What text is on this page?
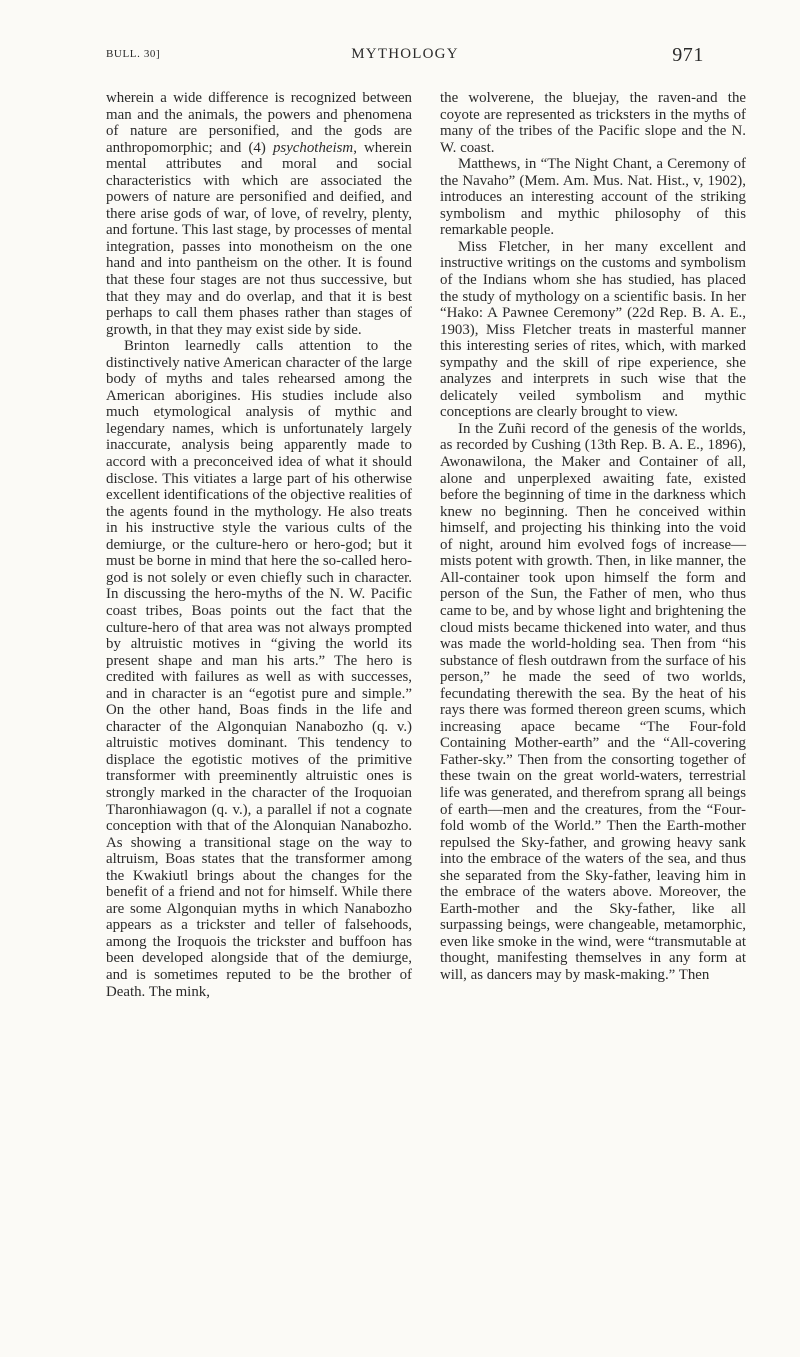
BULL. 30]	MYTHOLOGY	971

wherein a wide difference is recognized between man and the animals, the powers and phenomena of nature are personified, and the gods are anthropomorphic; and (4) psychotheism, wherein mental attributes and moral and social characteristics with which are associated the powers of nature are personified and deified, and there arise gods of war, of love, of revelry, plenty, and fortune. This last stage, by processes of mental integration, passes into monotheism on the one hand and into pantheism on the other. It is found that these four stages are not thus successive, but that they may and do overlap, and that it is best perhaps to call them phases rather than stages of growth, in that they may exist side by side.

Brinton learnedly calls attention to the distinctively native American character of the large body of myths and tales rehearsed among the American aborigines. His studies include also much etymological analysis of mythic and legendary names, which is unfortunately largely inaccurate, analysis being apparently made to accord with a preconceived idea of what it should disclose. This vitiates a large part of his otherwise excellent identifications of the objective realities of the agents found in the mythology. He also treats in his instructive style the various cults of the demiurge, or the culture-hero or hero-god; but it must be borne in mind that here the so-called hero-god is not solely or even chiefly such in character. In discussing the hero-myths of the N. W. Pacific coast tribes, Boas points out the fact that the culture-hero of that area was not always prompted by altruistic motives in “giving the world its present shape and man his arts.” The hero is credited with failures as well as with successes, and in character is an “egotist pure and simple.” On the other hand, Boas finds in the life and character of the Algonquian Nanabozho (q. v.) altruistic motives dominant. This tendency to displace the egotistic motives of the primitive transformer with preeminently altruistic ones is strongly marked in the character of the Iroquoian Tharonhiawagon (q. v.), a parallel if not a cognate conception with that of the Alonquian Nanabozho. As showing a transitional stage on the way to altruism, Boas states that the transformer among the Kwakiutl brings about the changes for the benefit of a friend and not for himself. While there are some Algonquian myths in which Nanabozho appears as a trickster and teller of falsehoods, among the Iroquois the trickster and buffoon has been developed alongside that of the demiurge, and is sometimes reputed to be the brother of Death. The mink,

the wolverene, the bluejay, the raven-and the coyote are represented as tricksters in the myths of many of the tribes of the Pacific slope and the N. W. coast.

Matthews, in “The Night Chant, a Ceremony of the Navaho” (Mem. Am. Mus. Nat. Hist., v, 1902), introduces an interesting account of the striking symbolism and mythic philosophy of this remarkable people.

Miss Fletcher, in her many excellent and instructive writings on the customs and symbolism of the Indians whom she has studied, has placed the study of mythology on a scientific basis. In her “Hako: A Pawnee Ceremony” (22d Rep. B. A. E., 1903), Miss Fletcher treats in masterful manner this interesting series of rites, which, with marked sympathy and the skill of ripe experience, she analyzes and interprets in such wise that the delicately veiled symbolism and mythic conceptions are clearly brought to view.

In the Zuñi record of the genesis of the worlds, as recorded by Cushing (13th Rep. B. A. E., 1896), Awonawilona, the Maker and Container of all, alone and unperplexed awaiting fate, existed before the beginning of time in the darkness which knew no beginning. Then he conceived within himself, and projecting his thinking into the void of night, around him evolved fogs of increase—mists potent with growth. Then, in like manner, the All-container took upon himself the form and person of the Sun, the Father of men, who thus came to be, and by whose light and brightening the cloud mists became thickened into water, and thus was made the world-holding sea. Then from “his substance of flesh outdrawn from the surface of his person,” he made the seed of two worlds, fecundating therewith the sea. By the heat of his rays there was formed thereon green scums, which increasing apace became “The Four-fold Containing Mother-earth” and the “All-covering Father-sky.” Then from the consorting together of these twain on the great world-waters, terrestrial life was generated, and therefrom sprang all beings of earth—men and the creatures, from the “Four-fold womb of the World.” Then the Earth-mother repulsed the Sky-father, and growing heavy sank into the embrace of the waters of the sea, and thus she separated from the Sky-father, leaving him in the embrace of the waters above. Moreover, the Earth-mother and the Sky-father, like all surpassing beings, were changeable, metamorphic, even like smoke in the wind, were “transmutable at thought, manifesting themselves in any form at will, as dancers may by mask-making.” Then
